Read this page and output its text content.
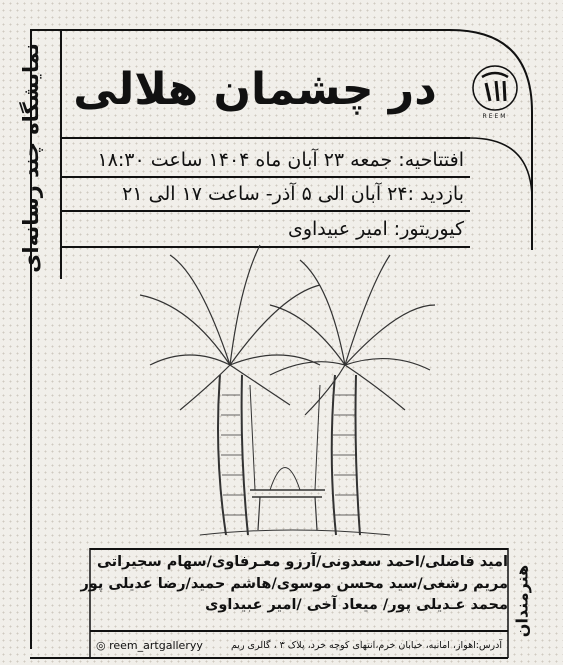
نمایشگاه چند رسانه‌ای در چشمان هلالی
REEM
افتتاحیه: جمعه ۲۳ آبان ماه ۱۴۰۴ ساعت ۱۸:۳۰
بازدید :۲۴ آبان الی ۵ آذر- ساعت ۱۷ الی ۲۱
کیوریتور: امیر عبیداوی
هنرمندان
امید فاضلی/احمد سعدونی/آرزو معـرفاوی/سهام سجیراتی
مریم رشغی/سید محسن موسوی/هاشم حمید/رضا عدیلی پور
محمد عـدیلی پور/ میعاد آخی /امیر عبیداوی
◎ reem_artgalleryy	آدرس:اهواز، امانیه، خیابان خرم،انتهای کوچه خرد، پلاک ۳ ، گالری ریم
